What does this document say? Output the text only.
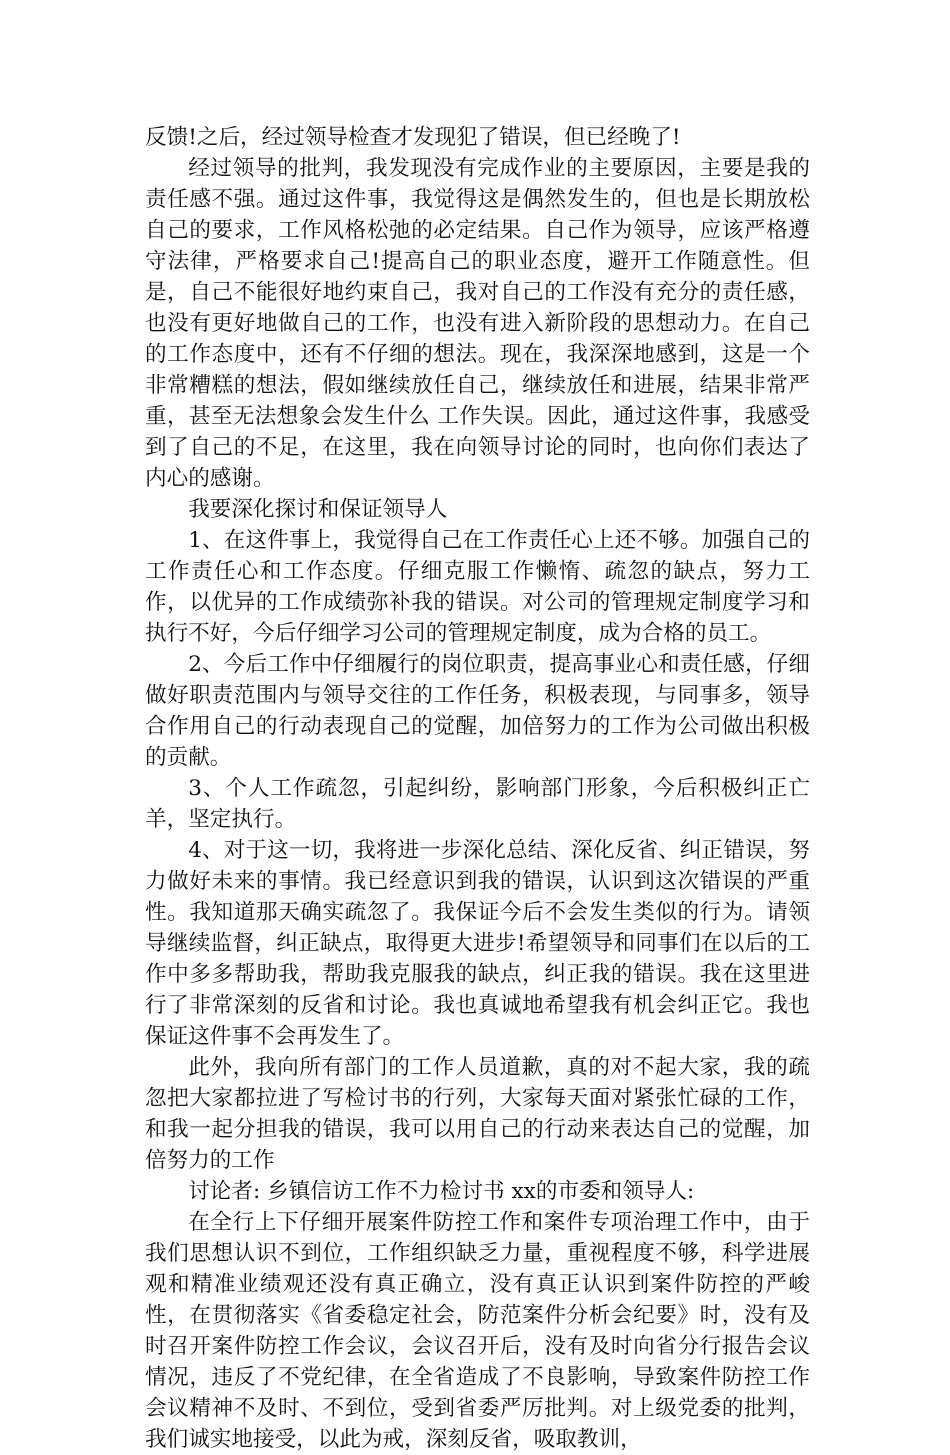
反馈!之后，经过领导检查才发现犯了错误，但已经晚了!

经过领导的批判，我发现没有完成作业的主要原因，主要是我的责任感不强。通过这件事，我觉得这是偶然发生的，但也是长期放松自己的要求，工作风格松弛的必定结果。自己作为领导，应该严格遵守法律，严格要求自己!提高自己的职业态度，避开工作随意性。但是，自己不能很好地约束自己，我对自己的工作没有充分的责任感，也没有更好地做自己的工作，也没有进入新阶段的思想动力。在自己的工作态度中，还有不仔细的想法。现在，我深深地感到，这是一个非常糟糕的想法，假如继续放任自己，继续放任和进展，结果非常严重，甚至无法想象会发生什么 工作失误。因此，通过这件事，我感受到了自己的不足，在这里，我在向领导讨论的同时，也向你们表达了内心的感谢。

我要深化探讨和保证领导人

1、在这件事上，我觉得自己在工作责任心上还不够。加强自己的工作责任心和工作态度。仔细克服工作懒惰、疏忽的缺点，努力工作，以优异的工作成绩弥补我的错误。对公司的管理规定制度学习和执行不好，今后仔细学习公司的管理规定制度，成为合格的员工。

2、今后工作中仔细履行的岗位职责，提高事业心和责任感，仔细做好职责范围内与领导交往的工作任务，积极表现，与同事多，领导合作用自己的行动表现自己的觉醒，加倍努力的工作为公司做出积极的贡献。

3、个人工作疏忽，引起纠纷，影响部门形象，今后积极纠正亡羊，坚定执行。

4、对于这一切，我将进一步深化总结、深化反省、纠正错误，努力做好未来的事情。我已经意识到我的错误，认识到这次错误的严重性。我知道那天确实疏忽了。我保证今后不会发生类似的行为。请领导继续监督，纠正缺点，取得更大进步!希望领导和同事们在以后的工作中多多帮助我，帮助我克服我的缺点，纠正我的错误。我在这里进行了非常深刻的反省和讨论。我也真诚地希望我有机会纠正它。我也保证这件事不会再发生了。

此外，我向所有部门的工作人员道歉，真的对不起大家，我的疏忽把大家都拉进了写检讨书的行列，大家每天面对紧张忙碌的工作，和我一起分担我的错误，我可以用自己的行动来表达自己的觉醒，加倍努力的工作

讨论者: 乡镇信访工作不力检讨书 xx的市委和领导人:

在全行上下仔细开展案件防控工作和案件专项治理工作中，由于我们思想认识不到位，工作组织缺乏力量，重视程度不够，科学进展观和精准业绩观还没有真正确立，没有真正认识到案件防控的严峻性，在贯彻落实《省委稳定社会，防范案件分析会纪要》时，没有及时召开案件防控工作会议，会议召开后，没有及时向省分行报告会议情况，违反了不党纪律，在全省造成了不良影响，导致案件防控工作会议精神不及时、不到位，受到省委严厉批判。对上级党委的批判，我们诚实地接受，以此为戒，深刻反省，吸取教训，
